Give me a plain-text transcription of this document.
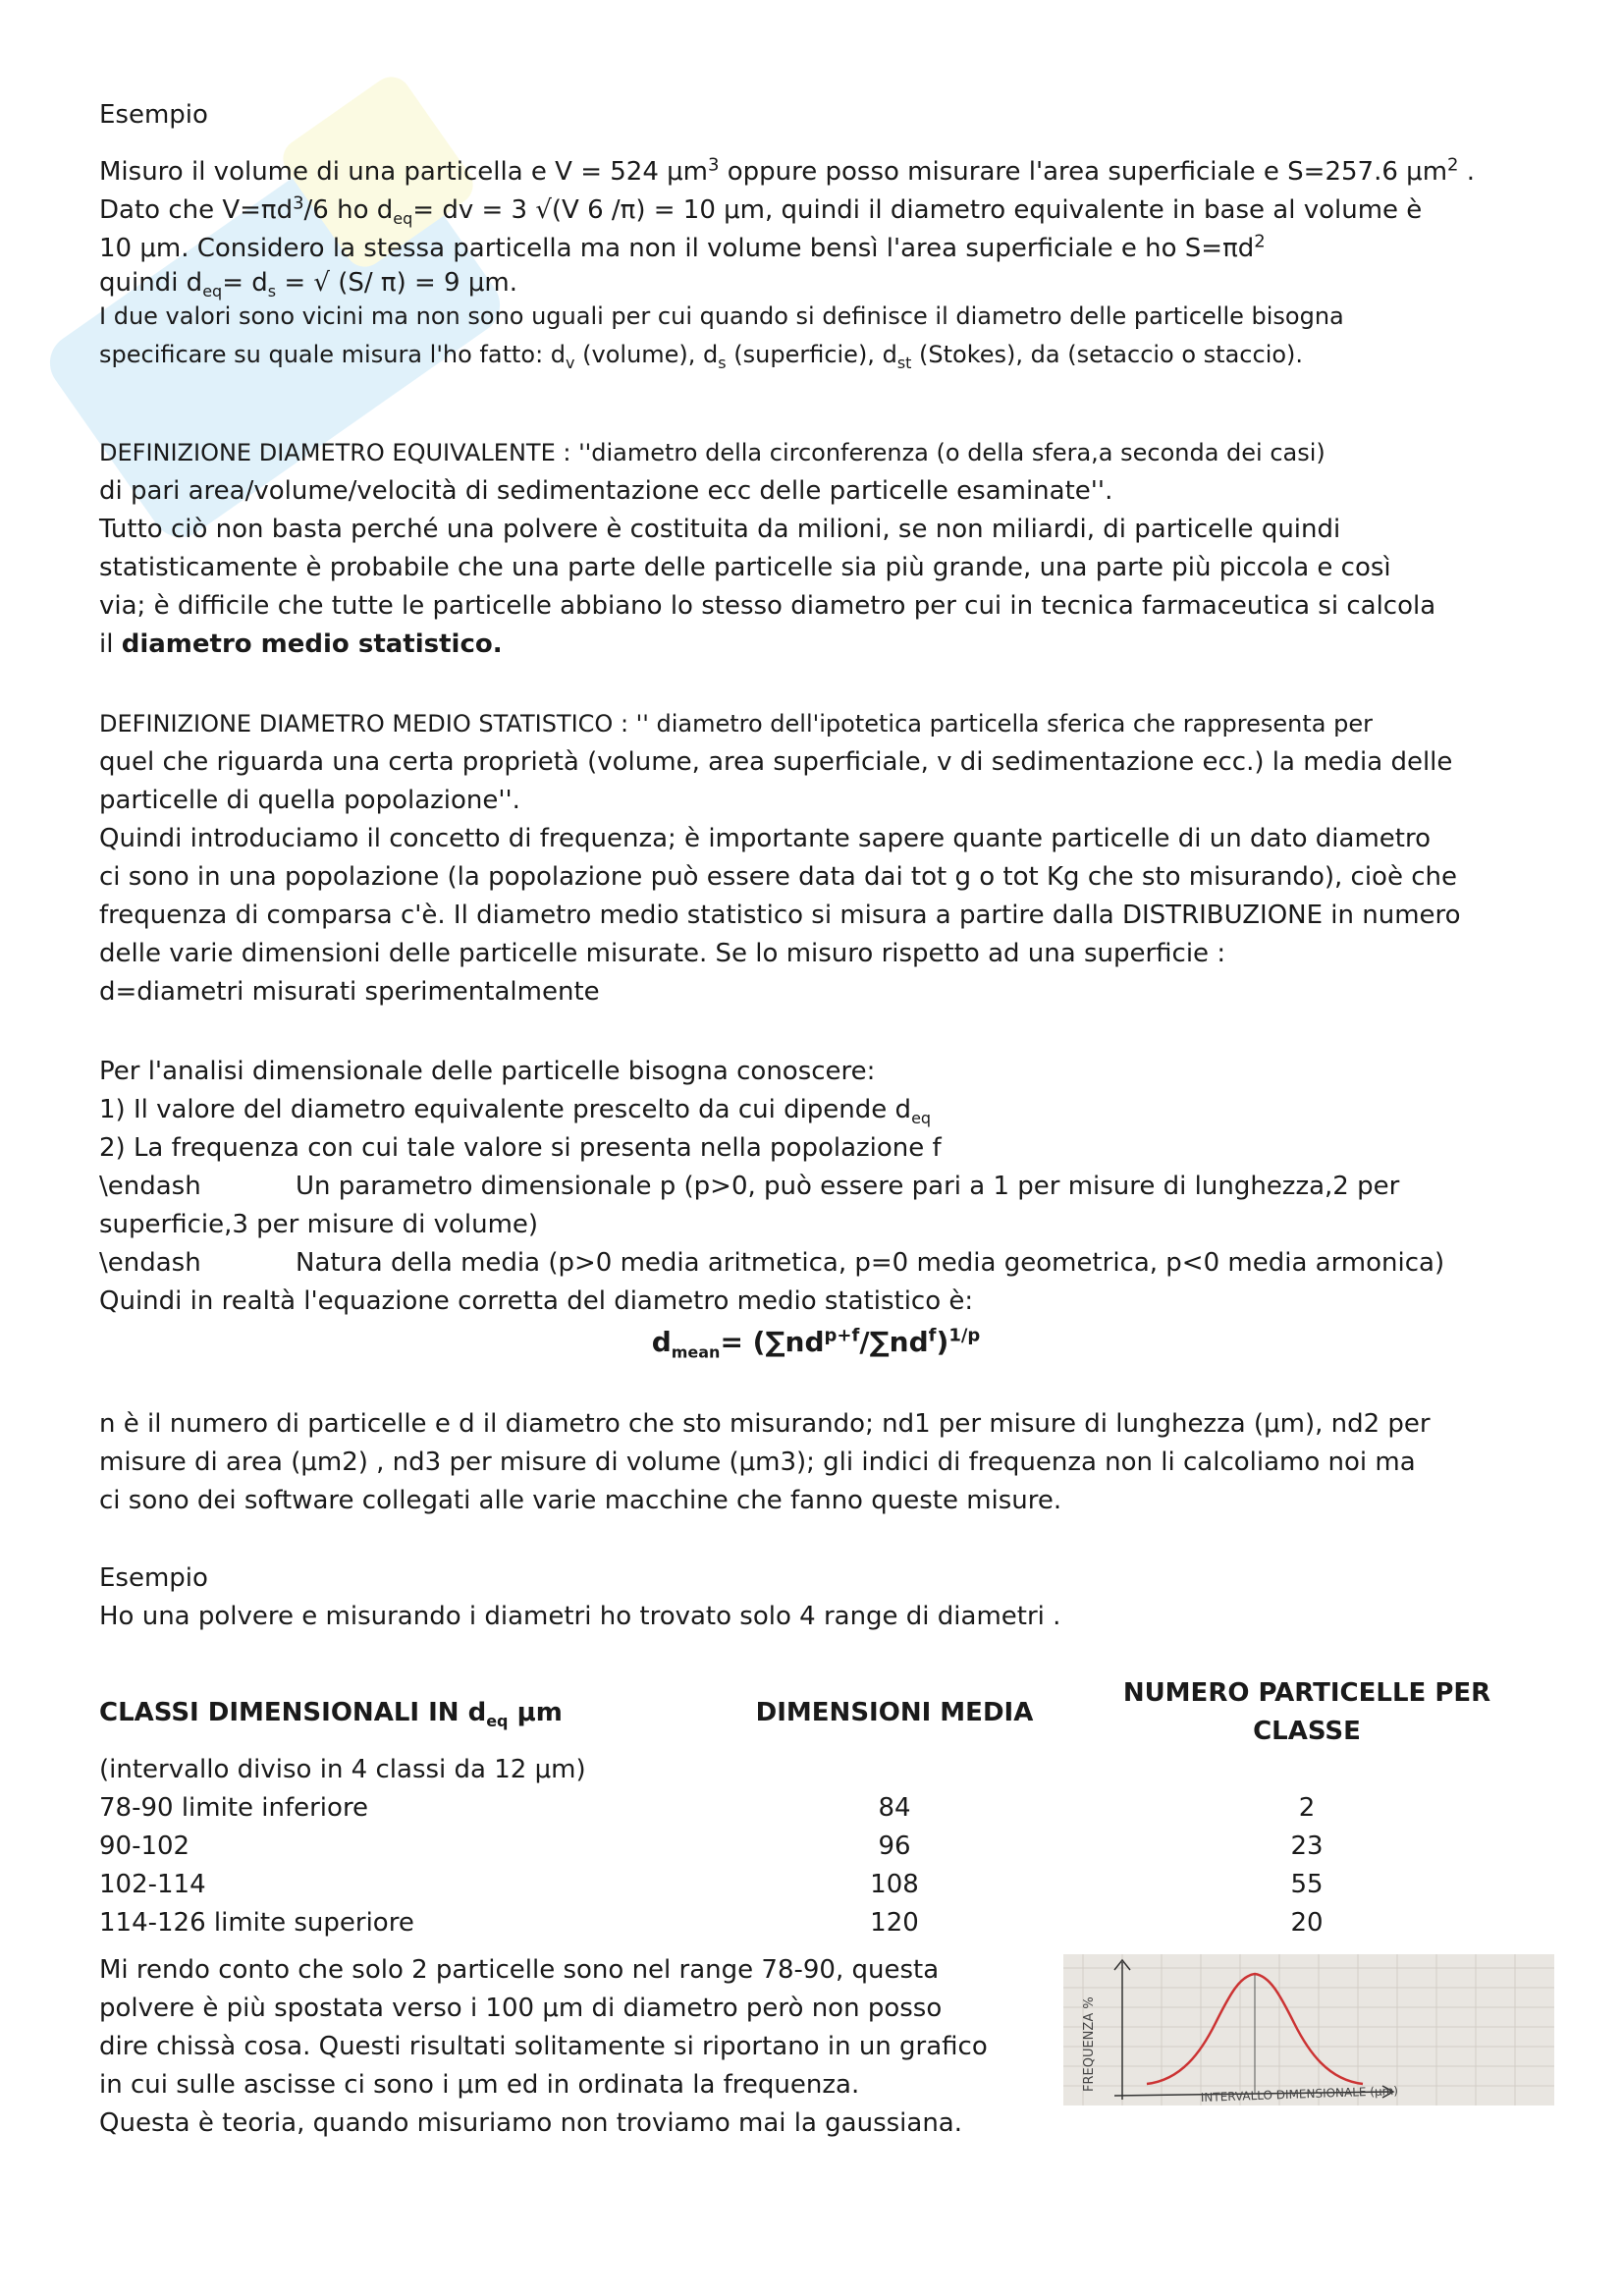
Esempio

Misuro il volume di una particella e V = 524 $\mu m^3$ oppure posso misurare l'area superficiale e S=257.6 $\mu m^2$ .

Dato che $V=\pi d^3/6$ ho $d_{eq}=$ dv = 3 √(V 6 /π) = 10 μm, quindi il diametro equivalente in base al volume è

10 μm. Considero la stessa particella ma non il volume bensì l'area superficiale e ho $S=\pi d^2$

quindi $d_{eq}= d_s$ = √ (S/ π) = 9 μm.

I due valori sono vicini ma non sono uguali per cui quando si definisce il diametro delle particelle bisogna

specificare su quale misura l'ho fatto: $d_v$ (volume), $d_s$ (superficie), $d_{st}$ (Stokes), da (setaccio o staccio).

DEFINIZIONE DIAMETRO EQUIVALENTE : ''diametro della circonferenza (o della sfera,a seconda dei casi)

di pari area/volume/velocità di sedimentazione ecc delle particelle esaminate''.

Tutto ciò non basta perché una polvere è costituita da milioni, se non miliardi, di particelle quindi

statisticamente è probabile che una parte delle particelle sia più grande, una parte più piccola e così

via; è difficile che tutte le particelle abbiano lo stesso diametro per cui in tecnica farmaceutica si calcola

il diametro medio statistico.

DEFINIZIONE DIAMETRO MEDIO STATISTICO : '' diametro dell'ipotetica particella sferica che rappresenta per

quel che riguarda una certa proprietà (volume, area superficiale, v di sedimentazione ecc.) la media delle

particelle di quella popolazione''.

Quindi introduciamo il concetto di frequenza; è importante sapere quante particelle di un dato diametro

ci sono in una popolazione (la popolazione può essere data dai tot g o tot Kg che sto misurando), cioè che

frequenza di comparsa c'è. Il diametro medio statistico si misura a partire dalla DISTRIBUZIONE in numero

delle varie dimensioni delle particelle misurate. Se lo misuro rispetto ad una superficie :

d=diametri misurati sperimentalmente

Per l'analisi dimensionale delle particelle bisogna conoscere:

1) Il valore del diametro equivalente prescelto da cui dipende $d_{eq}$

2) La frequenza con cui tale valore si presenta nella popolazione f

\endash	Un parametro dimensionale p (p>0, può essere pari a 1 per misure di lunghezza,2 per

superficie,3 per misure di volume)

\endash	Natura della media (p>0 media aritmetica, p=0 media geometrica, p<0 media armonica)

Quindi in realtà l'equazione corretta del diametro medio statistico è:

$d_{mean}= (\sum nd^{p+f}/\sum nd^f)^{1/p}$

n è il numero di particelle e d il diametro che sto misurando; nd1 per misure di lunghezza (μm), nd2 per

misure di area (μm2) , nd3 per misure di volume (μm3); gli indici di frequenza non li calcoliamo noi ma

ci sono dei software collegati alle varie macchine che fanno queste misure.

Esempio

Ho una polvere e misurando i diametri ho trovato solo 4 range di diametri .

CLASSI DIMENSIONALI IN $d_{eq}$ μm	DIMENSIONI MEDIA	NUMERO PARTICELLE PER CLASSE
(intervallo diviso in 4 classi da 12 μm)		
78-90 limite inferiore	84	2
90-102	96	23
102-114	108	55
114-126 limite superiore	120	20

Mi rendo conto che solo 2 particelle sono nel range 78-90, questa

polvere è più spostata verso i 100 μm di diametro però non posso

dire chissà cosa. Questi risultati solitamente si riportano in un grafico

in cui sulle ascisse ci sono i μm ed in ordinata la frequenza.

Questa è teoria, quando misuriamo non troviamo mai la gaussiana.

FREQUENZA %
INTERVALLO DIMENSIONALE (μm)
